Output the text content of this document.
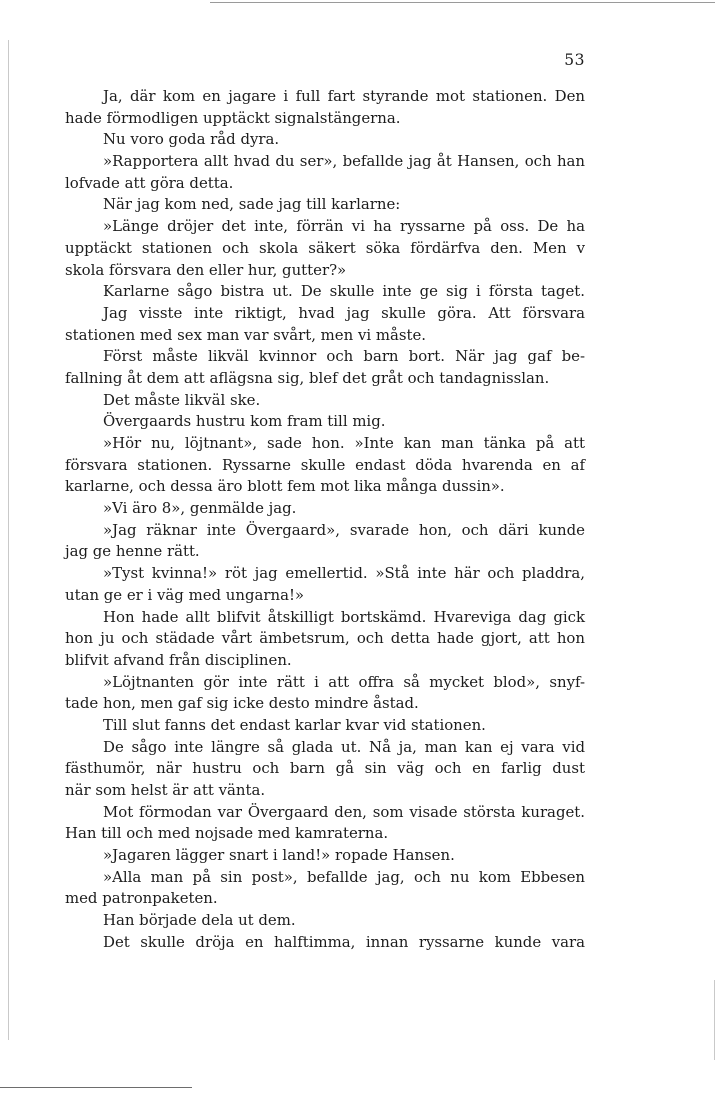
53
Ja, där kom en jagare i full fart styrande mot stationen. Den
hade förmodligen upptäckt signalstängerna.
Nu voro goda råd dyra.
»Rapportera allt hvad du ser», befallde jag åt Hansen, och han
lofvade att göra detta.
När jag kom ned, sade jag till karlarne:
»Länge dröjer det inte, förrän vi ha ryssarne på oss. De ha
upptäckt stationen och skola säkert söka fördärfva den. Men v
skola försvara den eller hur, gutter?»
Karlarne sågo bistra ut. De skulle inte ge sig i första taget.
Jag visste inte riktigt, hvad jag skulle göra. Att försvara
stationen med sex man var svårt, men vi måste.
Först måste likväl kvinnor och barn bort. När jag gaf be-
fallning åt dem att aflägsna sig, blef det gråt och tandagnisslan.
Det måste likväl ske.
Övergaards hustru kom fram till mig.
»Hör nu, löjtnant», sade hon. »Inte kan man tänka på att
försvara stationen. Ryssarne skulle endast döda hvarenda en af
karlarne, och dessa äro blott fem mot lika många dussin».
»Vi äro 8», genmälde jag.
»Jag räknar inte Övergaard», svarade hon, och däri kunde
jag ge henne rätt.
»Tyst kvinna!» röt jag emellertid. »Stå inte här och pladdra,
utan ge er i väg med ungarna!»
Hon hade allt blifvit åtskilligt bortskämd. Hvareviga dag gick
hon ju och städade vårt ämbetsrum, och detta hade gjort, att hon
blifvit afvand från disciplinen.
»Löjtnanten gör inte rätt i att offra så mycket blod», snyf-
tade hon, men gaf sig icke desto mindre åstad.
Till slut fanns det endast karlar kvar vid stationen.
De sågo inte längre så glada ut. Nå ja, man kan ej vara vid
fästhumör, när hustru och barn gå sin väg och en farlig dust
när som helst är att vänta.
Mot förmodan var Övergaard den, som visade största kuraget.
Han till och med nojsade med kamraterna.
»Jagaren lägger snart i land!» ropade Hansen.
»Alla man på sin post», befallde jag, och nu kom Ebbesen
med patronpaketen.
Han började dela ut dem.
Det skulle dröja en halftimma, innan ryssarne kunde vara
